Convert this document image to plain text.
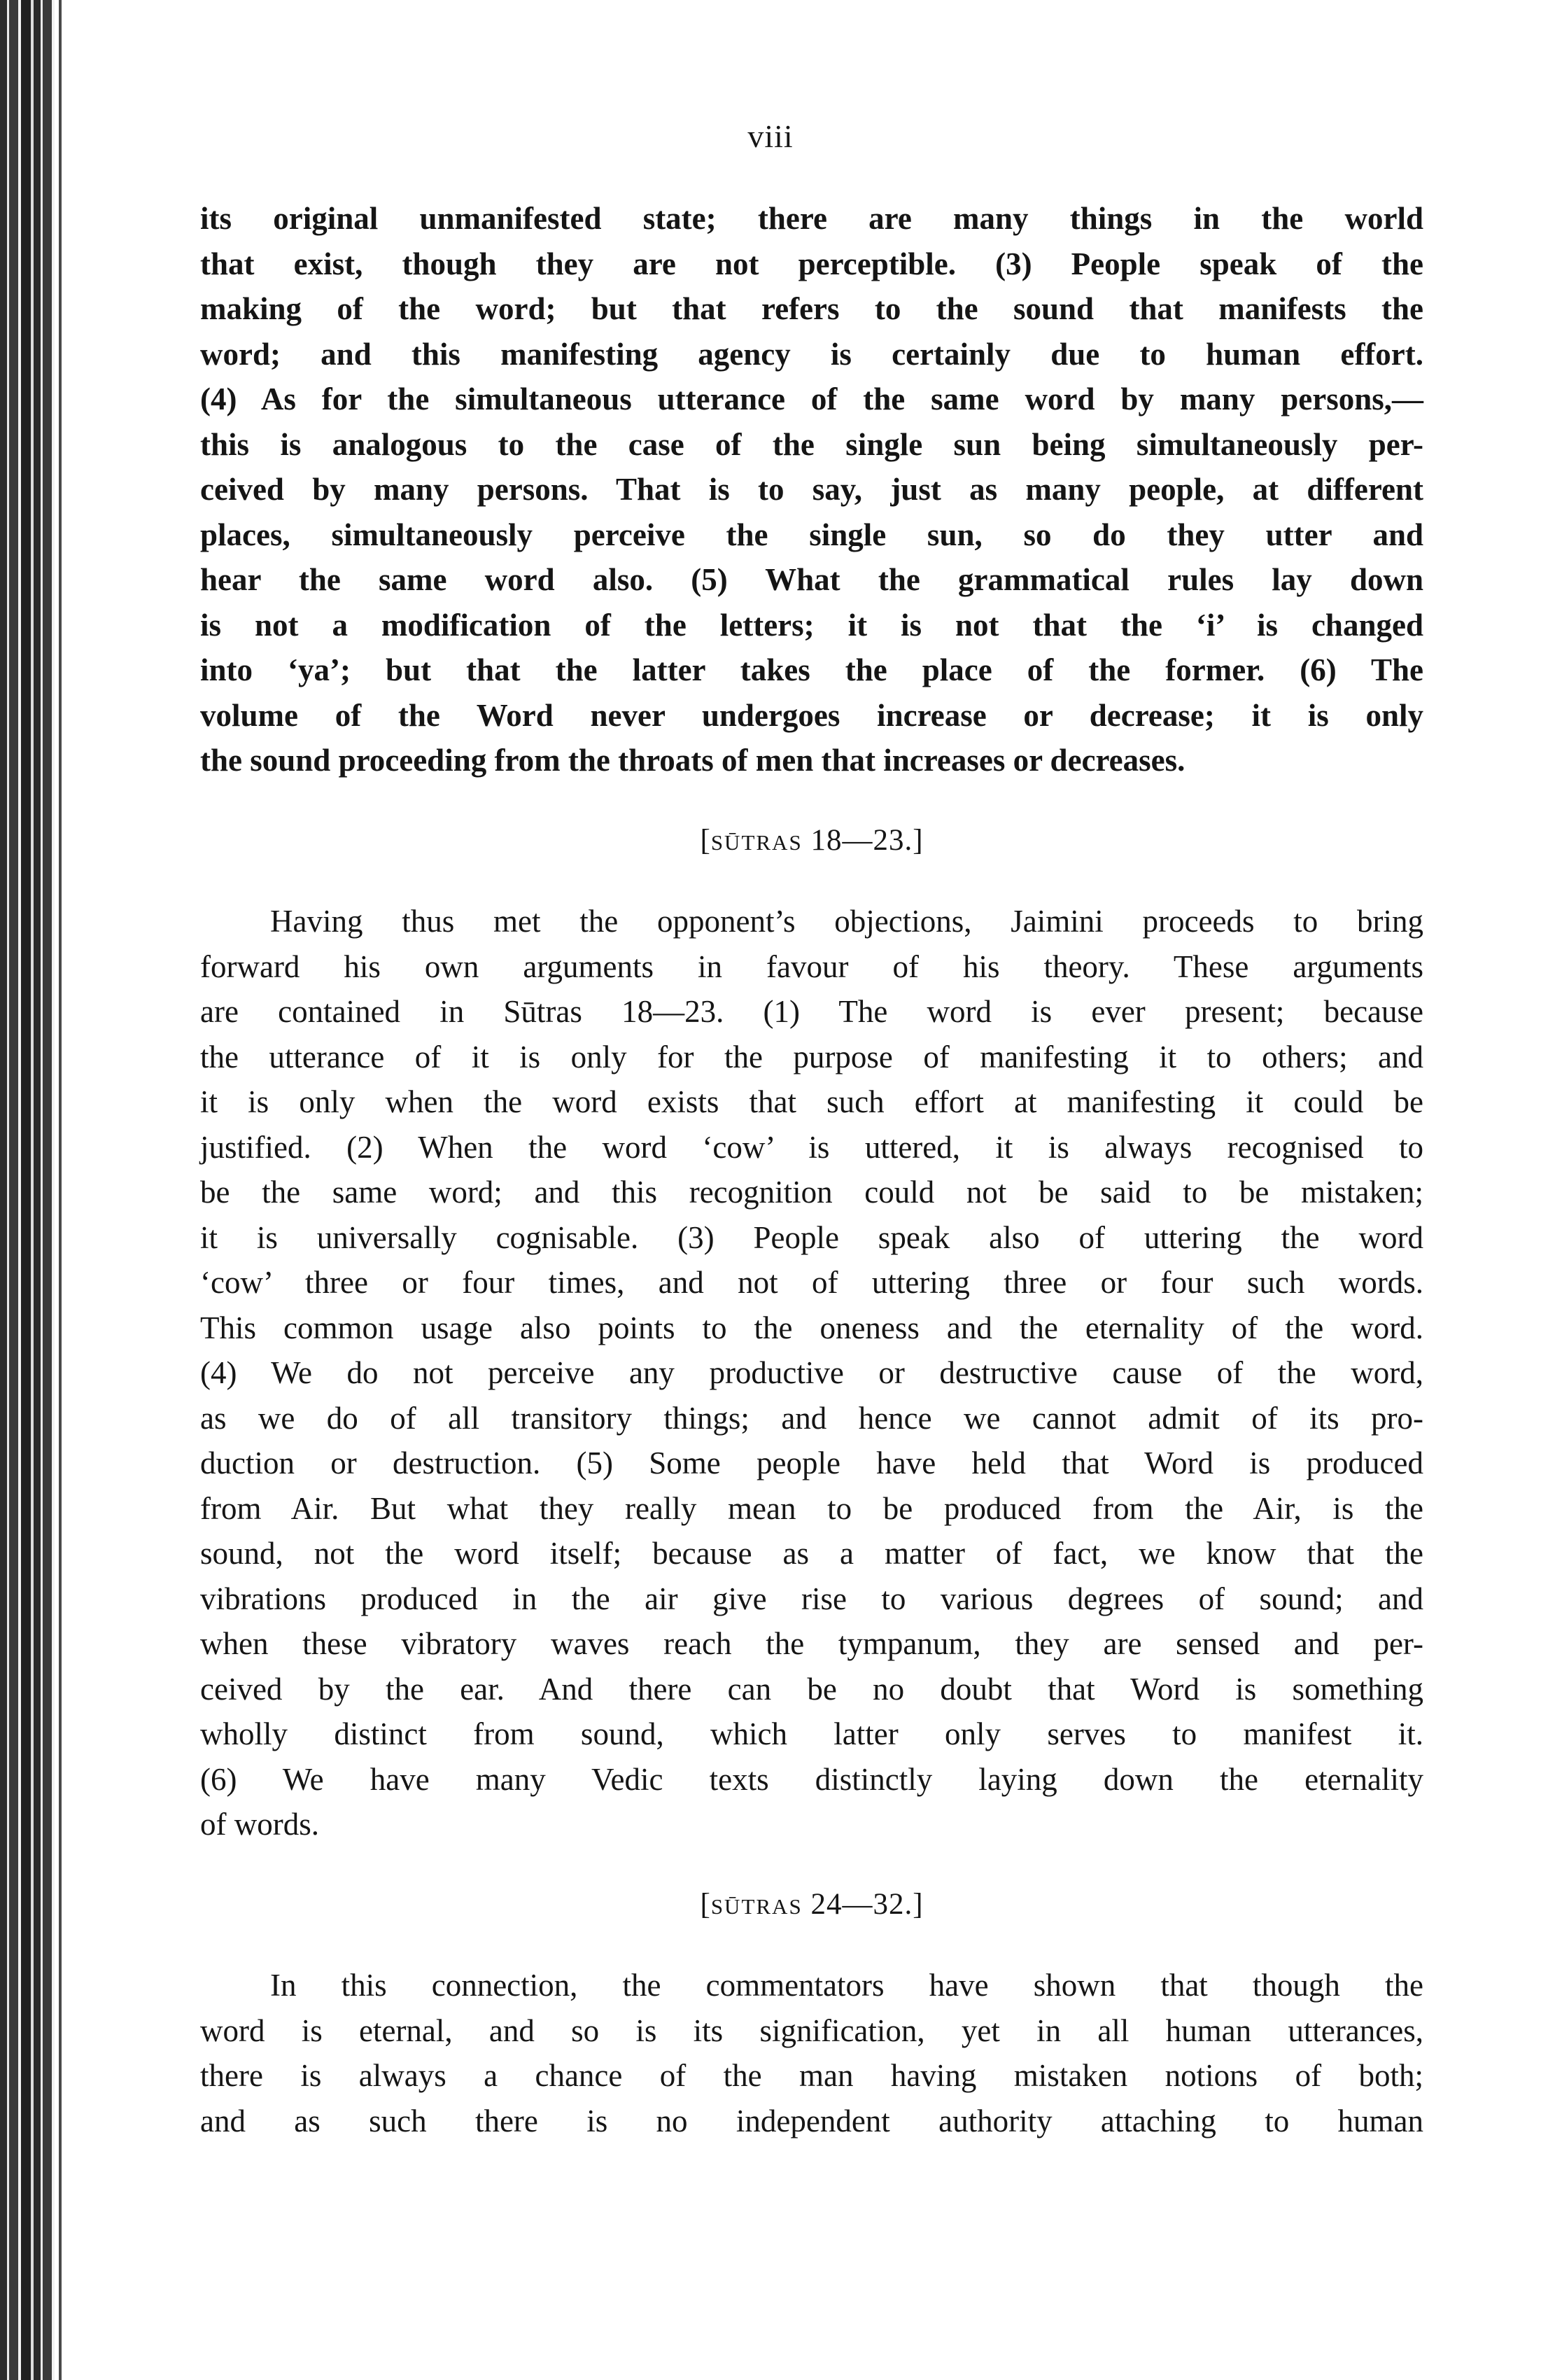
viii
its original unmanifested state; there are many things in the world
that exist, though they are not perceptible. (3) People speak of the
making of the word; but that refers to the sound that manifests the
word; and this manifesting agency is certainly due to human effort.
(4) As for the simultaneous utterance of the same word by many persons,—
this is analogous to the case of the single sun being simultaneously per-
ceived by many persons. That is to say, just as many people, at different
places, simultaneously perceive the single sun, so do they utter and
hear the same word also. (5) What the grammatical rules lay down
is not a modification of the letters; it is not that the ‘i’ is changed
into ‘ya’; but that the latter takes the place of the former. (6) The
volume of the Word never undergoes increase or decrease; it is only
the sound proceeding from the throats of men that increases or decreases.
[SŪTRAS 18—23.]
Having thus met the opponent’s objections, Jaimini proceeds to bring
forward his own arguments in favour of his theory. These arguments
are contained in Sūtras 18—23. (1) The word is ever present; because
the utterance of it is only for the purpose of manifesting it to others; and
it is only when the word exists that such effort at manifesting it could be
justified. (2) When the word ‘cow’ is uttered, it is always recognised to
be the same word; and this recognition could not be said to be mistaken;
it is universally cognisable. (3) People speak also of uttering the word
‘cow’ three or four times, and not of uttering three or four such words.
This common usage also points to the oneness and the eternality of the word.
(4) We do not perceive any productive or destructive cause of the word,
as we do of all transitory things; and hence we cannot admit of its pro-
duction or destruction. (5) Some people have held that Word is produced
from Air. But what they really mean to be produced from the Air, is the
sound, not the word itself; because as a matter of fact, we know that the
vibrations produced in the air give rise to various degrees of sound; and
when these vibratory waves reach the tympanum, they are sensed and per-
ceived by the ear. And there can be no doubt that Word is something
wholly distinct from sound, which latter only serves to manifest it.
(6) We have many Vedic texts distinctly laying down the eternality
of words.
[SŪTRAS 24—32.]
In this connection, the commentators have shown that though the
word is eternal, and so is its signification, yet in all human utterances,
there is always a chance of the man having mistaken notions of both;
and as such there is no independent authority attaching to human
